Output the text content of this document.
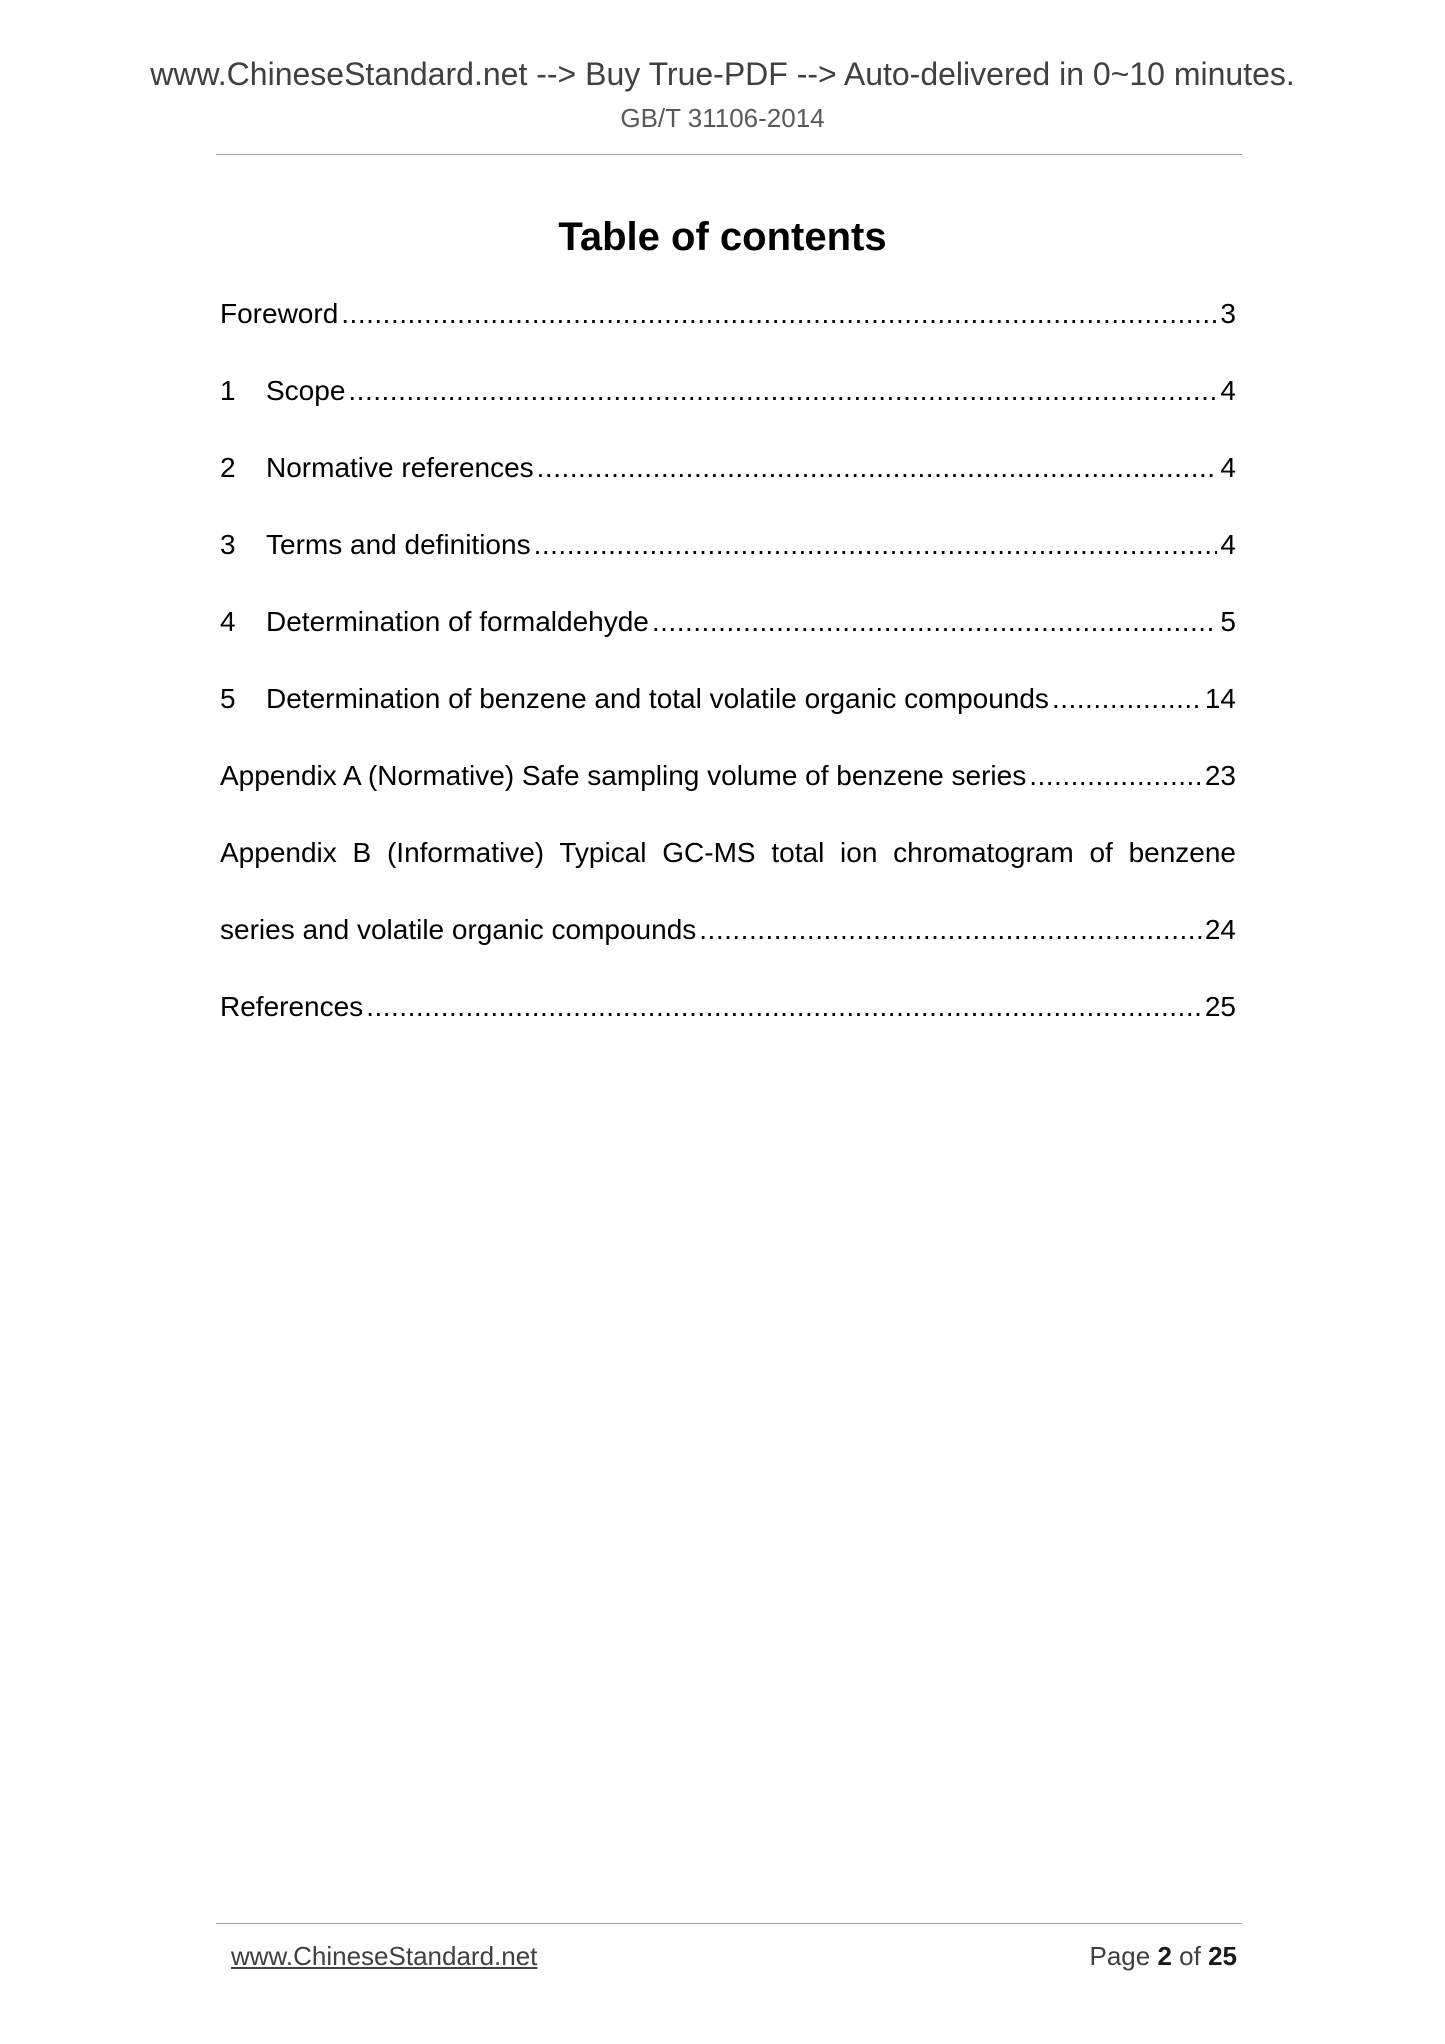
www.ChineseStandard.net --> Buy True-PDF --> Auto-delivered in 0~10 minutes.
GB/T 31106-2014
Table of contents
Foreword .....	3
1	Scope .....	4
2	Normative references .....	4
3	Terms and definitions .....	4
4	Determination of formaldehyde .....	5
5	Determination of benzene and total volatile organic compounds .....	14
Appendix A (Normative) Safe sampling volume of benzene series .....	23
Appendix B (Informative) Typical GC-MS total ion chromatogram of benzene
series and volatile organic compounds .....	24
References .....	25
www.ChineseStandard.net	Page 2 of 25
